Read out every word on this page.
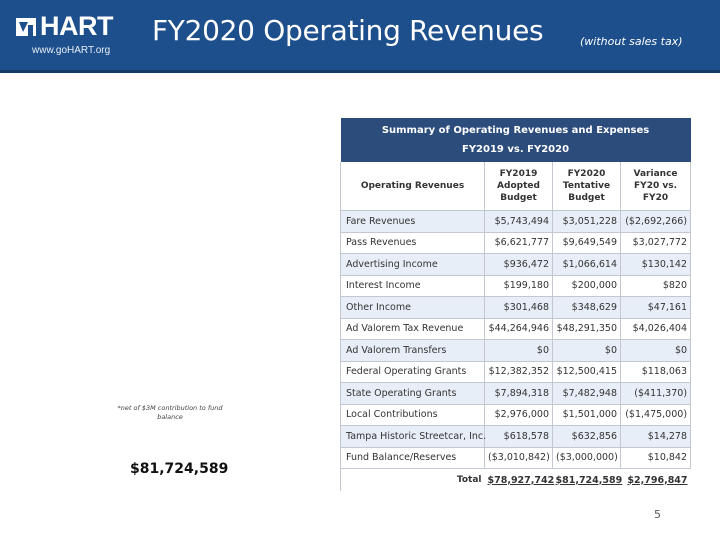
HART
www.goHART.org
FY2020 Operating Revenues	(without sales tax)
Summary of Operating Revenues and Expenses
FY2019 vs. FY2020			

Operating Revenues	FY2019 Adopted Budget	FY2020 Tentative Budget	Variance FY20 vs. FY20
Fare Revenues	$5,743,494	$3,051,228	($2,692,266)
Pass Revenues	$6,621,777	$9,649,549	$3,027,772
Advertising Income	$936,472	$1,066,614	$130,142
Interest Income	$199,180	$200,000	$820
Other Income	$301,468	$348,629	$47,161
Ad Valorem Tax Revenue	$44,264,946	$48,291,350	$4,026,404
Ad Valorem Transfers	$0	$0	$0
Federal Operating Grants	$12,382,352	$12,500,415	$118,063
State Operating Grants	$7,894,318	$7,482,948	($411,370)
Local Contributions	$2,976,000	$1,501,000	($1,475,000)
Tampa Historic Streetcar, Inc.	$618,578	$632,856	$14,278
Fund Balance/Reserves	($3,010,842)	($3,000,000)	$10,842
Total	$78,927,742	$81,724,589	$2,796,847
*net of $3M contribution to fund balance
$81,724,589
5
